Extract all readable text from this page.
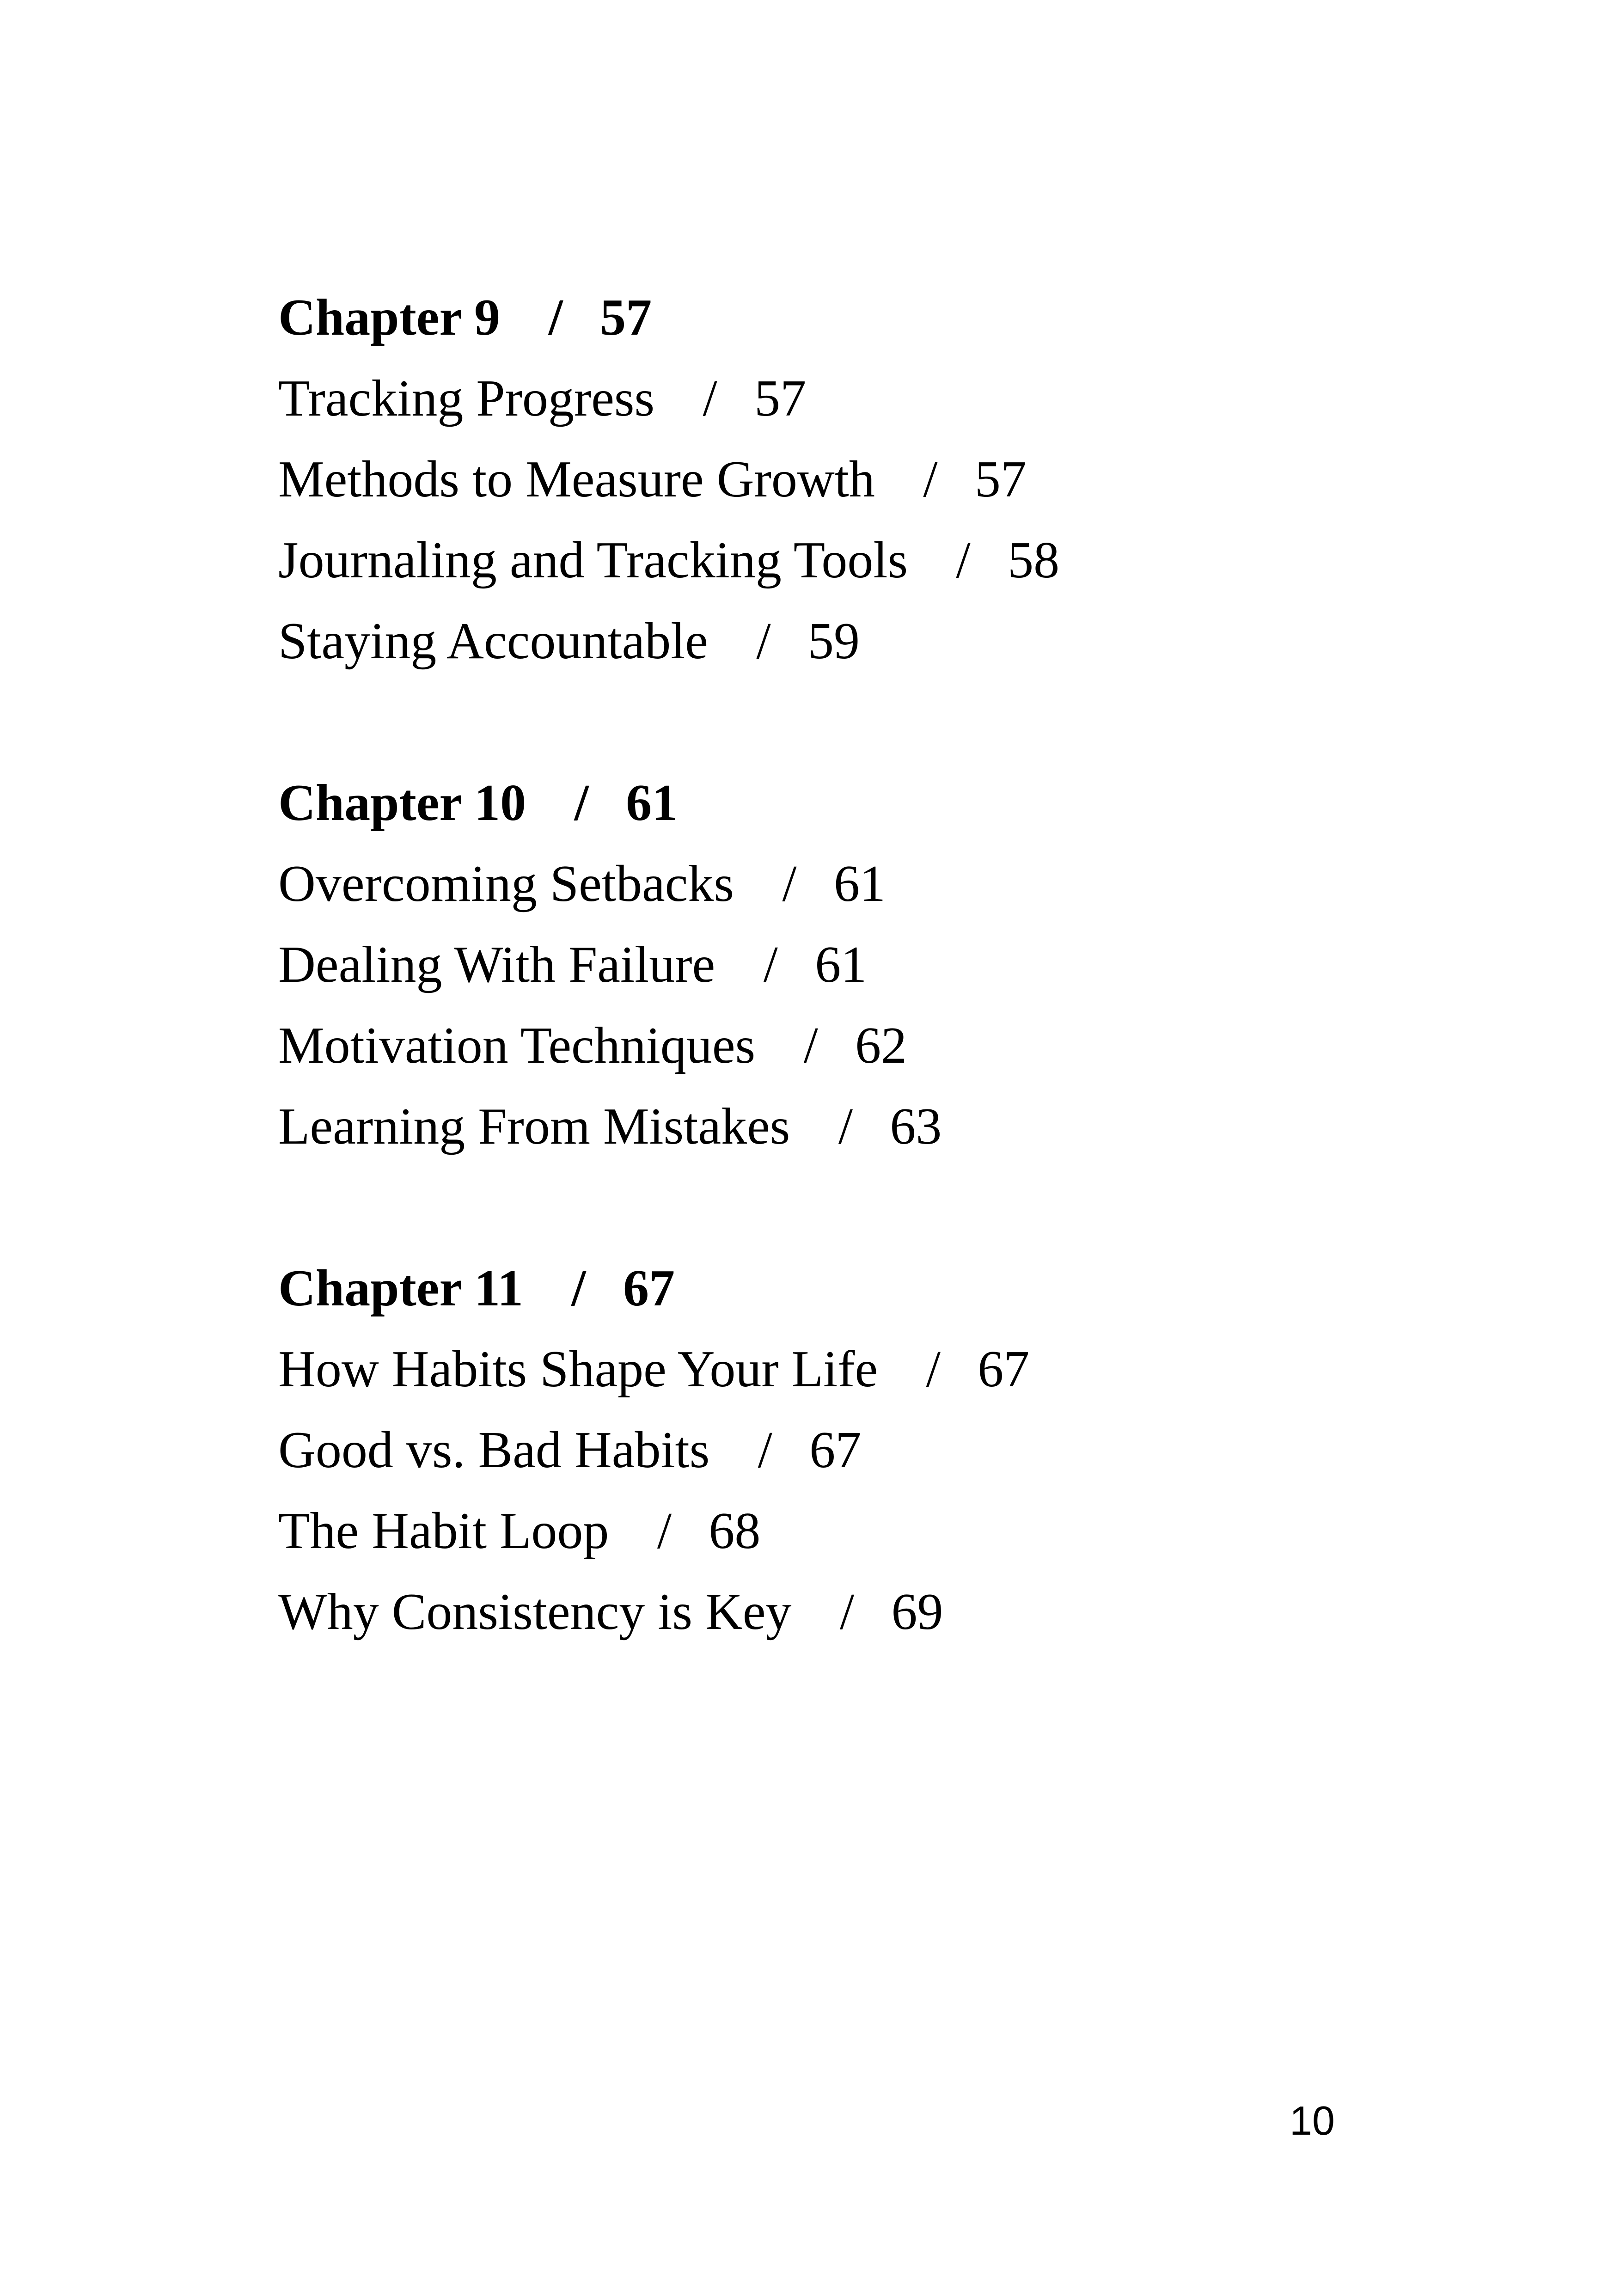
Chapter 9 / 57
Tracking Progress / 57
Methods to Measure Growth / 57
Journaling and Tracking Tools / 58
Staying Accountable / 59
Chapter 10 / 61
Overcoming Setbacks / 61
Dealing With Failure / 61
Motivation Techniques / 62
Learning From Mistakes / 63
Chapter 11 / 67
How Habits Shape Your Life / 67
Good vs. Bad Habits / 67
The Habit Loop / 68
Why Consistency is Key / 69
10
